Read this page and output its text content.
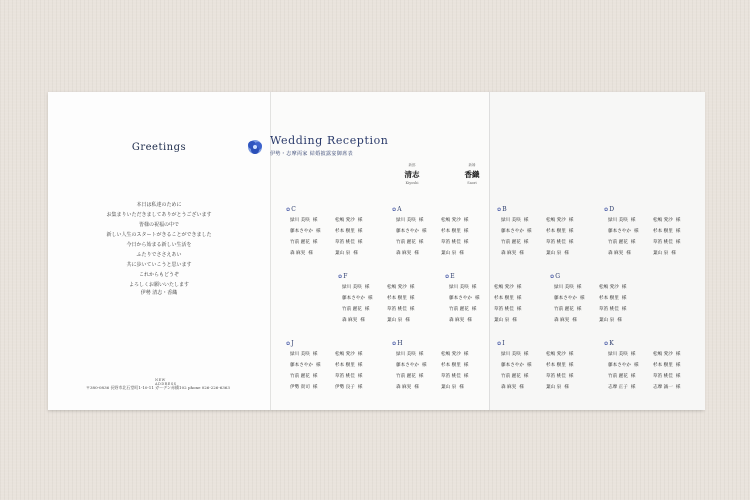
Greetings
本日は私達のために
お集まりいただきましてありがとうございます
皆様の祝福の中で
新しい人生のスタートがきることができました
今日から始まる新しい生活を
ふたりでささえあい
共に歩いていこうと思います
これからもどうぞ
よろしくお願いいたします
伊勢 清志・香織
NEW ADDRESS
〒380-0836 長野市北石堂町1-10-11 ガーデン赤橋102 phone 026-226-6363
Wedding Reception
伊勢・志摩両家 結婚披露宴御席表
新郎
清志
Kiyoshi
新婦
香織
Saori
✿C
緑川 美咲 様	松嶋 愛沙 様
藤本さやか 様	杉本 樹里 様
竹前 麗花 様	草笛 桃佳 様
森 麻実 様	葉山 泉 様
✿A
緑川 美咲 様	松嶋 愛沙 様
藤本さやか 様	杉本 樹里 様
竹前 麗花 様	草笛 桃佳 様
森 麻実 様	葉山 泉 様
✿B
緑川 美咲 様	松嶋 愛沙 様
藤本さやか 様	杉本 樹里 様
竹前 麗花 様	草笛 桃佳 様
森 麻実 様	葉山 泉 様
✿D
緑川 美咲 様	松嶋 愛沙 様
藤本さやか 様	杉本 樹里 様
竹前 麗花 様	草笛 桃佳 様
森 麻実 様	葉山 泉 様
✿F
緑川 美咲 様	松嶋 愛沙 様
藤本さやか 様	杉本 樹里 様
竹前 麗花 様	草笛 桃佳 様
森 麻実 様	葉山 泉 様
✿E
緑川 美咲 様	松嶋 愛沙 様
藤本さやか 様	杉本 樹里 様
竹前 麗花 様	草笛 桃佳 様
森 麻実 様	葉山 泉 様
✿G
緑川 美咲 様	松嶋 愛沙 様
藤本さやか 様	杉本 樹里 様
竹前 麗花 様	草笛 桃佳 様
森 麻実 様	葉山 泉 様
✿J
緑川 美咲 様	松嶋 愛沙 様
藤本さやか 様	杉本 樹里 様
竹前 麗花 様	草笛 桃佳 様
伊勢 貴司 様	伊勢 良子 様
✿H
緑川 美咲 様	松嶋 愛沙 様
藤本さやか 様	杉本 樹里 様
竹前 麗花 様	草笛 桃佳 様
森 麻実 様	葉山 泉 様
✿I
緑川 美咲 様	松嶋 愛沙 様
藤本さやか 様	杉本 樹里 様
竹前 麗花 様	草笛 桃佳 様
森 麻実 様	葉山 泉 様
✿K
緑川 美咲 様	松嶋 愛沙 様
藤本さやか 様	杉本 樹里 様
竹前 麗花 様	草笛 桃佳 様
志摩 正子 様	志摩 誠一 様
